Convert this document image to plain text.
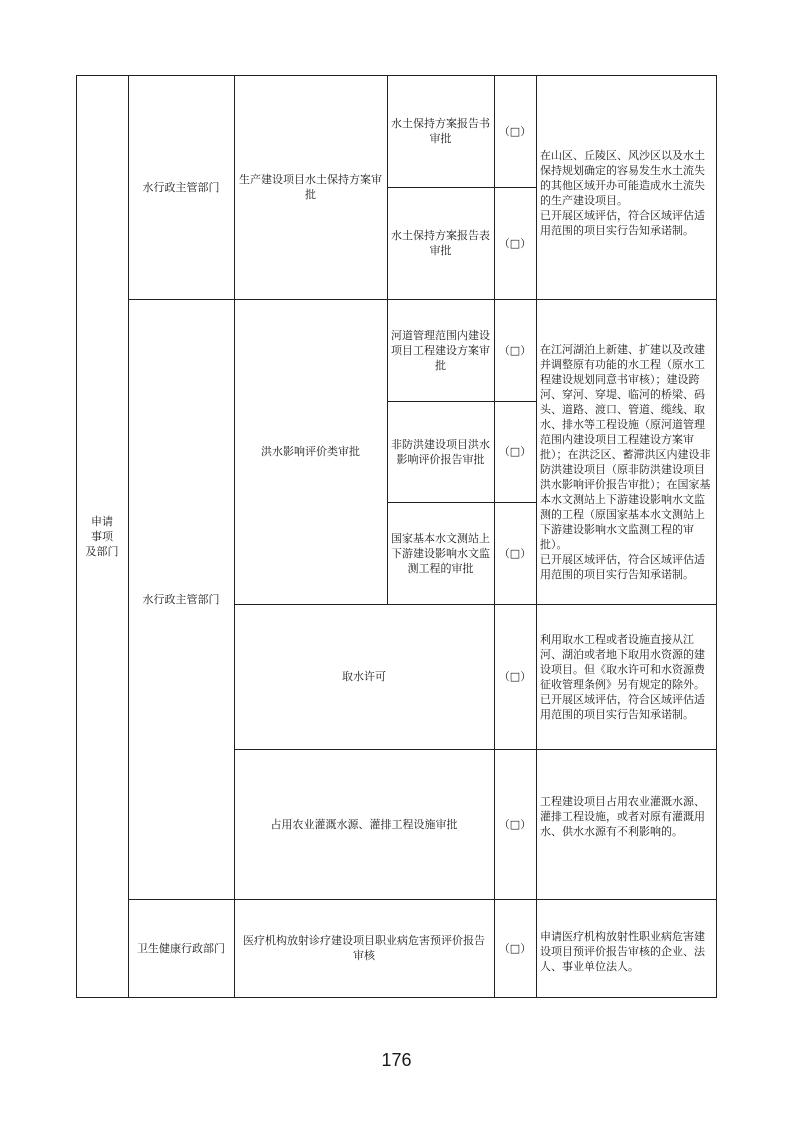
申请
事项
及部门
水行政主管部门
生产建设项目水土保持方案审批
水土保持方案报告书审批
（□）
水土保持方案报告表审批
（□）
在山区、丘陵区、风沙区以及水土保持规划确定的容易发生水土流失的其他区域开办可能造成水土流失的生产建设项目。
已开展区域评估，符合区域评估适用范围的项目实行告知承诺制。
水行政主管部门
洪水影响评价类审批
河道管理范围内建设项目工程建设方案审批
（□）
非防洪建设项目洪水影响评价报告审批
（□）
国家基本水文测站上下游建设影响水文监测工程的审批
（□）
在江河湖泊上新建、扩建以及改建并调整原有功能的水工程（原水工程建设规划同意书审核）；建设跨河、穿河、穿堤、临河的桥梁、码头、道路、渡口、管道、缆线、取水、排水等工程设施（原河道管理范围内建设项目工程建设方案审批）；在洪泛区、蓄滞洪区内建设非防洪建设项目（原非防洪建设项目洪水影响评价报告审批）；在国家基本水文测站上下游建设影响水文监测的工程（原国家基本水文测站上下游建设影响水文监测工程的审批）。
已开展区域评估，符合区域评估适用范围的项目实行告知承诺制。
取水许可	（□）
利用取水工程或者设施直接从江河、湖泊或者地下取用水资源的建设项目。但《取水许可和水资源费征收管理条例》另有规定的除外。已开展区域评估，符合区域评估适用范围的项目实行告知承诺制。
占用农业灌溉水源、灌排工程设施审批	（□）
工程建设项目占用农业灌溉水源、灌排工程设施，或者对原有灌溉用水、供水水源有不利影响的。
卫生健康行政部门
医疗机构放射诊疗建设项目职业病危害预评价报告审核
（□）
申请医疗机构放射性职业病危害建设项目预评价报告审核的企业、法人、事业单位法人。
176
